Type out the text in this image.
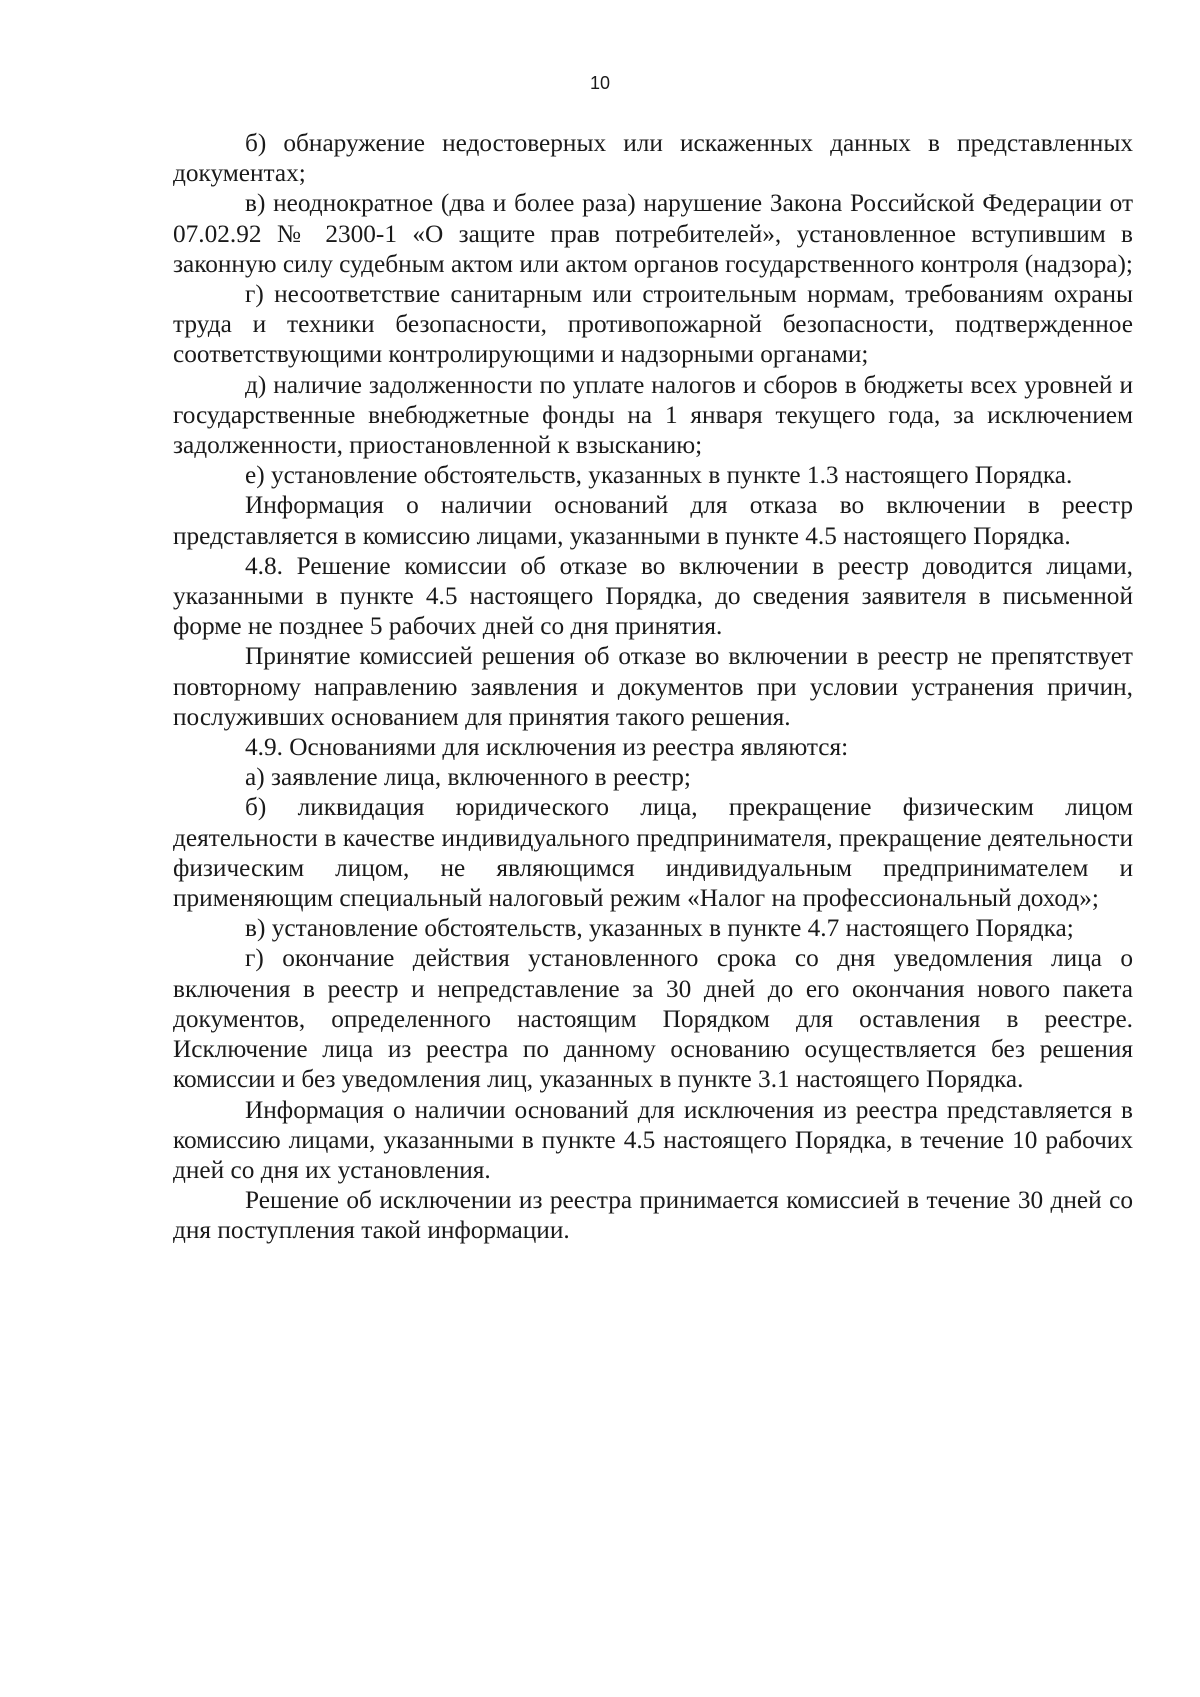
10

б) обнаружение недостоверных или искаженных данных в представленных документах;

в) неоднократное (два и более раза) нарушение Закона Российской Федерации от 07.02.92 № 2300-1 «О защите прав потребителей», установленное вступившим в законную силу судебным актом или актом органов государственного контроля (надзора);

г) несоответствие санитарным или строительным нормам, требованиям охраны труда и техники безопасности, противопожарной безопасности, подтвержденное соответствующими контролирующими и надзорными органами;

д) наличие задолженности по уплате налогов и сборов в бюджеты всех уровней и государственные внебюджетные фонды на 1 января текущего года, за исключением задолженности, приостановленной к взысканию;

е) установление обстоятельств, указанных в пункте 1.3 настоящего Порядка.

Информация о наличии оснований для отказа во включении в реестр представляется в комиссию лицами, указанными в пункте 4.5 настоящего Порядка.

4.8. Решение комиссии об отказе во включении в реестр доводится лицами, указанными в пункте 4.5 настоящего Порядка, до сведения заявителя в письменной форме не позднее 5 рабочих дней со дня принятия.

Принятие комиссией решения об отказе во включении в реестр не препятствует повторному направлению заявления и документов при условии устранения причин, послуживших основанием для принятия такого решения.

4.9. Основаниями для исключения из реестра являются:

а) заявление лица, включенного в реестр;

б) ликвидация юридического лица, прекращение физическим лицом деятельности в качестве индивидуального предпринимателя, прекращение деятельности физическим лицом, не являющимся индивидуальным предпринимателем и применяющим специальный налоговый режим «Налог на профессиональный доход»;

в) установление обстоятельств, указанных в пункте 4.7 настоящего Порядка;

г) окончание действия установленного срока со дня уведомления лица о включения в реестр и непредставление за 30 дней до его окончания нового пакета документов, определенного настоящим Порядком для оставления в реестре. Исключение лица из реестра по данному основанию осуществляется без решения комиссии и без уведомления лиц, указанных в пункте 3.1 настоящего Порядка.

Информация о наличии оснований для исключения из реестра представляется в комиссию лицами, указанными в пункте 4.5 настоящего Порядка, в течение 10 рабочих дней со дня их установления.

Решение об исключении из реестра принимается комиссией в течение 30 дней со дня поступления такой информации.
